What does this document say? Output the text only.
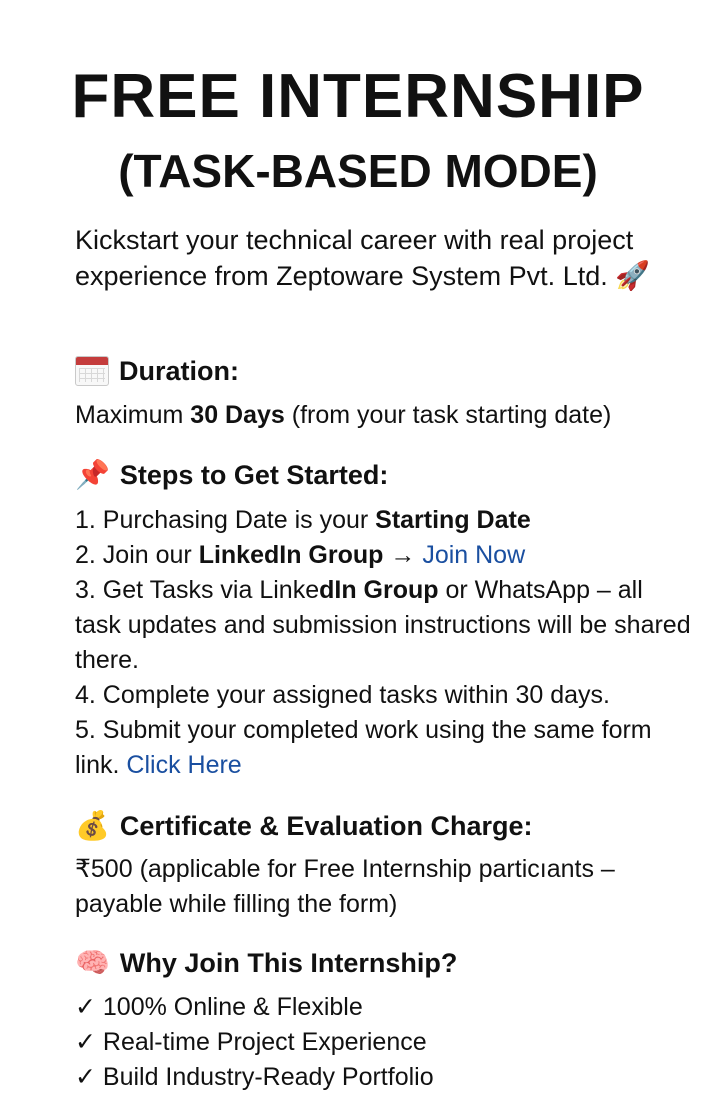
FREE INTERNSHIP
(TASK-BASED MODE)

Kickstart your technical career with real project experience from Zeptoware System Pvt. Ltd. 🚀

Duration:

Maximum 30 Days (from your task starting date)

📌 Steps to Get Started:
1. Purchasing Date is your Starting Date
2. Join our LinkedIn Group → Join Now
3. Get Tasks via LinkedIn Group or WhatsApp – all task updates and submission instructions will be shared there.
4. Complete your assigned tasks within 30 days.
5. Submit your completed work using the same form link. Click Here
💰 Certificate & Evaluation Charge:

₹500 (applicable for Free Internship particıants – payable while filling the form)

🧠 Why Join This Internship?
✓ 100% Online & Flexible
✓ Real-time Project Experience
✓ Build Industry-Ready Portfolio
